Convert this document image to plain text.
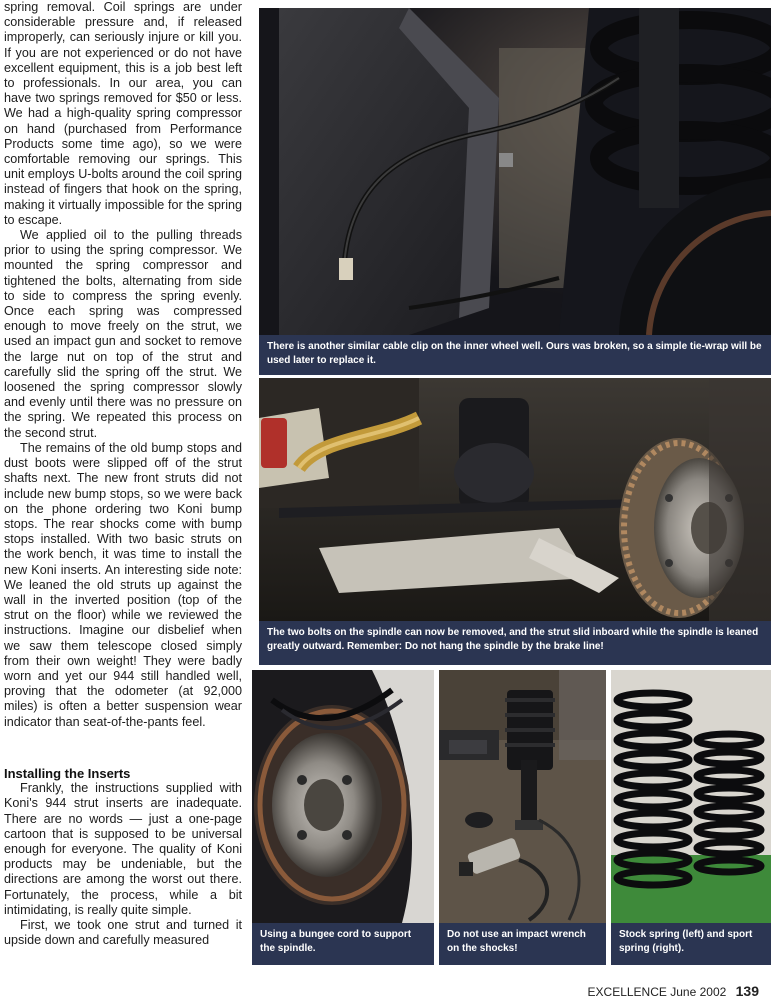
spring removal. Coil springs are under considerable pressure and, if released improperly, can seriously injure or kill you. If you are not experienced or do not have excellent equipment, this is a job best left to professionals. In our area, you can have two springs removed for $50 or less. We had a high-quality spring compressor on hand (purchased from Performance Products some time ago), so we were comfortable removing our springs. This unit employs U-bolts around the coil spring instead of fingers that hook on the spring, making it virtually impossible for the spring to escape.

We applied oil to the pulling threads prior to using the spring compressor. We mounted the spring compressor and tightened the bolts, alternating from side to side to compress the spring evenly. Once each spring was compressed enough to move freely on the strut, we used an impact gun and socket to remove the large nut on top of the strut and carefully slid the spring off the strut. We loosened the spring compressor slowly and evenly until there was no pressure on the spring. We repeated this process on the second strut.

The remains of the old bump stops and dust boots were slipped off of the strut shafts next. The new front struts did not include new bump stops, so we were back on the phone ordering two Koni bump stops. The rear shocks come with bump stops installed. With two basic struts on the work bench, it was time to install the new Koni inserts. An interesting side note: We leaned the old struts up against the wall in the inverted position (top of the strut on the floor) while we reviewed the instructions. Imagine our disbelief when we saw them telescope closed simply from their own weight! They were badly worn and yet our 944 still handled well, proving that the odometer (at 92,000 miles) is often a better suspension wear indicator than seat-of-the-pants feel.

Installing the Inserts

Frankly, the instructions supplied with Koni's 944 strut inserts are inadequate. There are no words — just a one-page cartoon that is supposed to be universal enough for everyone. The quality of Koni products may be undeniable, but the directions are among the worst out there. Fortunately, the process, while a bit intimidating, is really quite simple.

First, we took one strut and turned it upside down and carefully measured

There is another similar cable clip on the inner wheel well. Ours was broken, so a simple tie-wrap will be used later to replace it.
The two bolts on the spindle can now be removed, and the strut slid inboard while the spindle is leaned greatly outward. Remember: Do not hang the spindle by the brake line!
Using a bungee cord to support the spindle.
Do not use an impact wrench on the shocks!
Stock spring (left) and sport spring (right).
EXCELLENCE June 2002 139
